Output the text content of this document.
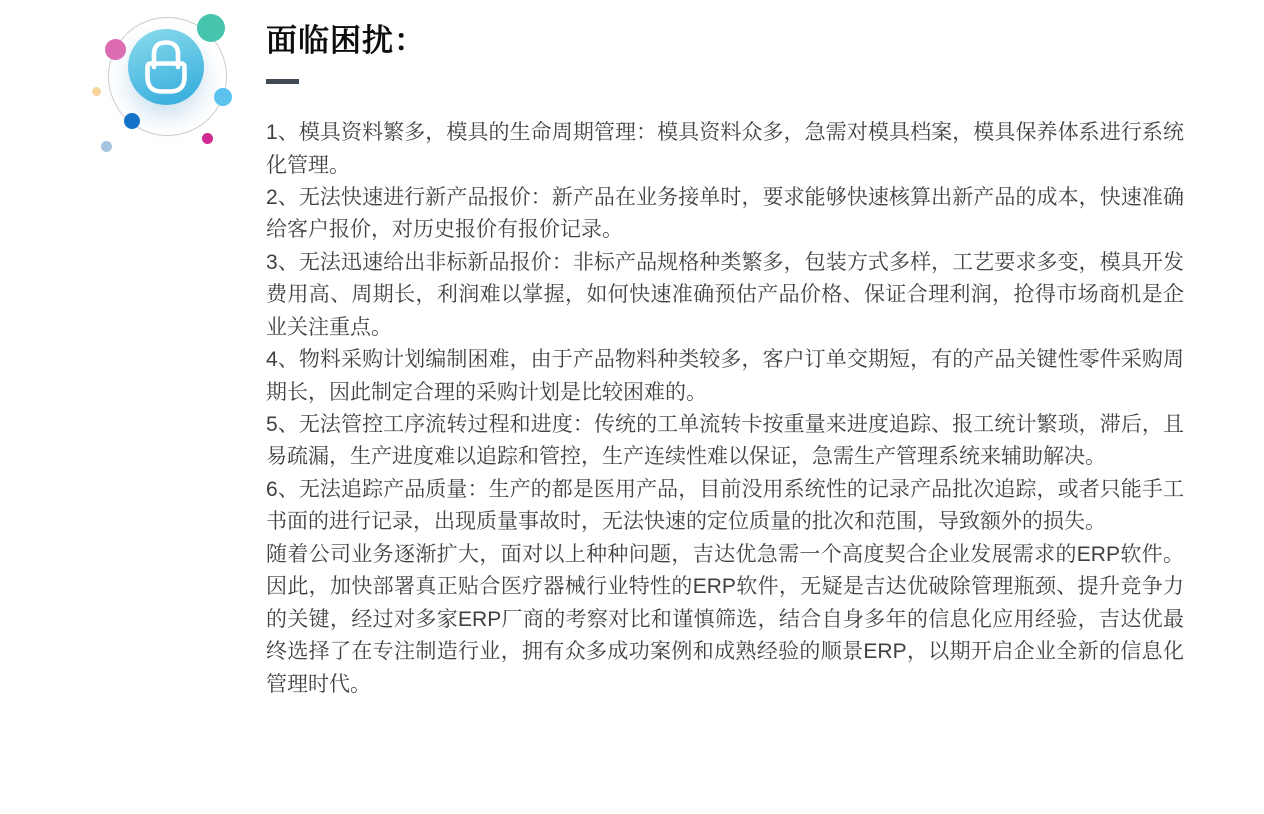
面临困扰：

1、模具资料繁多，模具的生命周期管理：模具资料众多，急需对模具档案，模具保养体系进行系统化管理。

2、无法快速进行新产品报价：新产品在业务接单时，要求能够快速核算出新产品的成本，快速准确给客户报价，对历史报价有报价记录。

3、无法迅速给出非标新品报价：非标产品规格种类繁多，包装方式多样，工艺要求多变，模具开发费用高、周期长，利润难以掌握，如何快速准确预估产品价格、保证合理利润，抢得市场商机是企业关注重点。

4、物料采购计划编制困难，由于产品物料种类较多，客户订单交期短，有的产品关键性零件采购周期长，因此制定合理的采购计划是比较困难的。

5、无法管控工序流转过程和进度：传统的工单流转卡按重量来进度追踪、报工统计繁琐，滞后，且易疏漏，生产进度难以追踪和管控，生产连续性难以保证，急需生产管理系统来辅助解决。

6、无法追踪产品质量：生产的都是医用产品，目前没用系统性的记录产品批次追踪，或者只能手工书面的进行记录，出现质量事故时，无法快速的定位质量的批次和范围，导致额外的损失。

随着公司业务逐渐扩大，面对以上种种问题，吉达优急需一个高度契合企业发展需求的ERP软件。因此，加快部署真正贴合医疗器械行业特性的ERP软件，无疑是吉达优破除管理瓶颈、提升竞争力的关键，经过对多家ERP厂商的考察对比和谨慎筛选，结合自身多年的信息化应用经验，吉达优最终选择了在专注制造行业，拥有众多成功案例和成熟经验的顺景ERP，以期开启企业全新的信息化管理时代。
